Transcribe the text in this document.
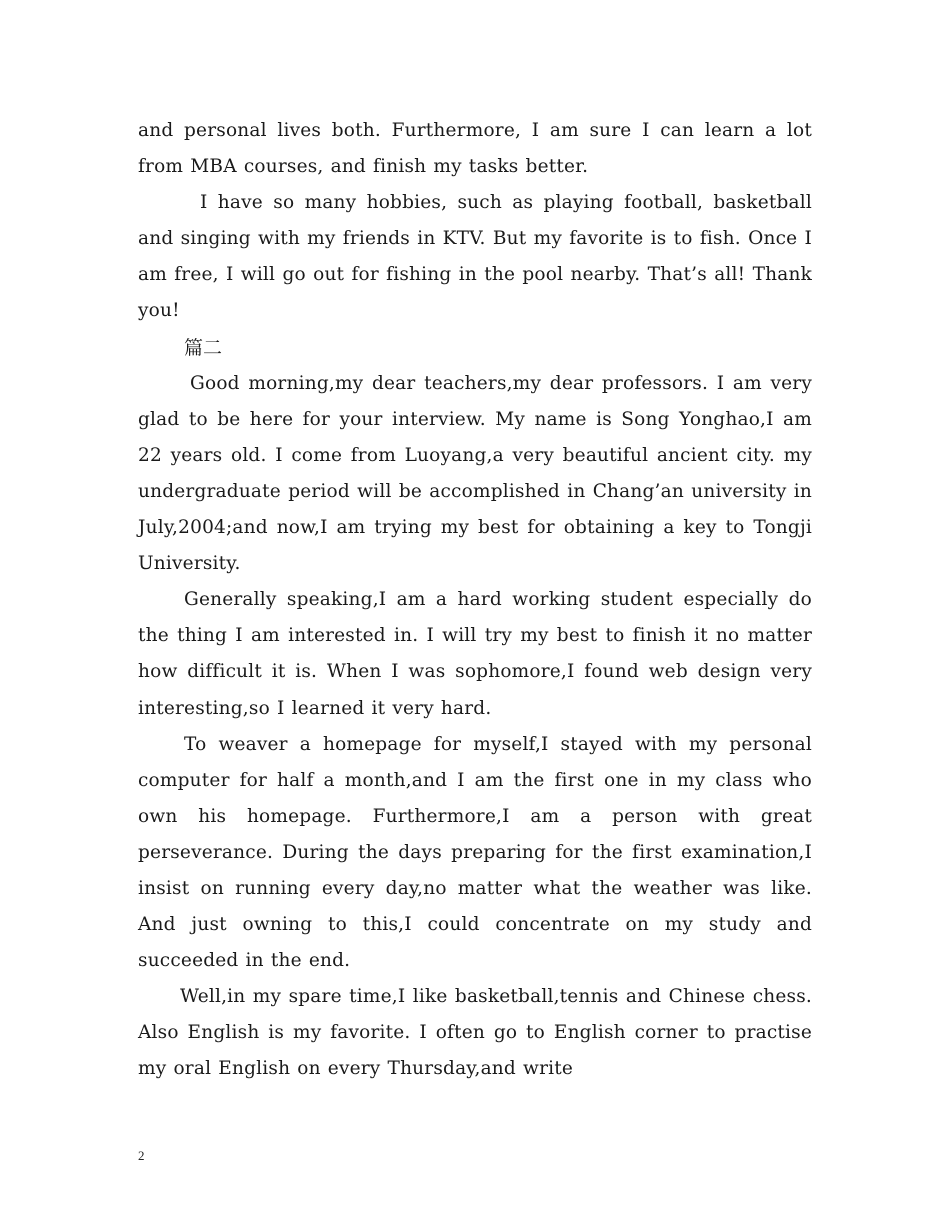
and personal lives both. Furthermore, I am sure I can learn a lot from MBA courses, and finish my tasks better.

I have so many hobbies, such as playing football, basketball and singing with my friends in KTV. But my favorite is to fish. Once I am free, I will go out for fishing in the pool nearby. That’s all! Thank you!

篇二

Good morning,my dear teachers,my dear professors. I am very glad to be here for your interview. My name is Song Yonghao,I am 22 years old. I come from Luoyang,a very beautiful ancient city. my undergraduate period will be accomplished in Chang’an university in July,2004;and now,I am trying my best for obtaining a key to Tongji University.

Generally speaking,I am a hard working student especially do the thing I am interested in. I will try my best to finish it no matter how difficult it is. When I was sophomore,I found web design very interesting,so I learned it very hard.

To weaver a homepage for myself,I stayed with my personal computer for half a month,and I am the first one in my class who own his homepage. Furthermore,I am a person with great perseverance. During the days preparing for the first examination,I insist on running every day,no matter what the weather was like. And just owning to this,I could concentrate on my study and succeeded in the end.

Well,in my spare time,I like basketball,tennis and Chinese chess. Also English is my favorite. I often go to English corner to practise my oral English on every Thursday,and write

2
